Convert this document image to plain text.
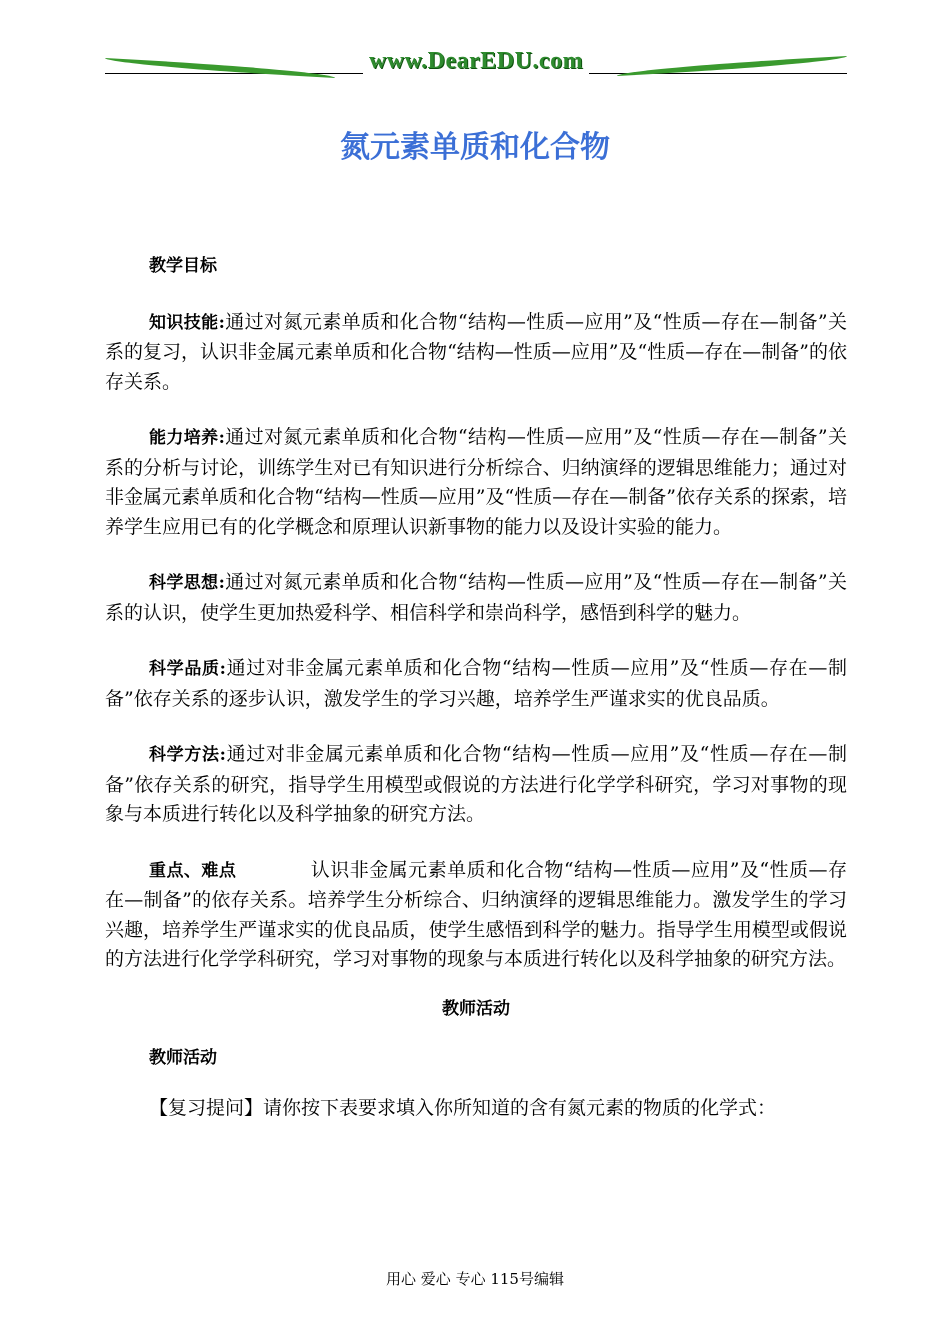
www.DearEDU.com
氮元素单质和化合物
教学目标
知识技能:通过对氮元素单质和化合物“结构—性质—应用”及“性质—存在—制备”关系的复习，认识非金属元素单质和化合物“结构—性质—应用”及“性质—存在—制备”的依存关系。
能力培养:通过对氮元素单质和化合物“结构—性质—应用”及“性质—存在—制备”关系的分析与讨论，训练学生对已有知识进行分析综合、归纳演绎的逻辑思维能力；通过对非金属元素单质和化合物“结构—性质—应用”及“性质—存在—制备”依存关系的探索，培养学生应用已有的化学概念和原理认识新事物的能力以及设计实验的能力。
科学思想:通过对氮元素单质和化合物“结构—性质—应用”及“性质—存在—制备”关系的认识，使学生更加热爱科学、相信科学和崇尚科学，感悟到科学的魅力。
科学品质:通过对非金属元素单质和化合物“结构—性质—应用”及“性质—存在—制备”依存关系的逐步认识，激发学生的学习兴趣，培养学生严谨求实的优良品质。
科学方法:通过对非金属元素单质和化合物“结构—性质—应用”及“性质—存在—制备”依存关系的研究，指导学生用模型或假说的方法进行化学学科研究，学习对事物的现象与本质进行转化以及科学抽象的研究方法。
重点、难点	认识非金属元素单质和化合物“结构—性质—应用”及“性质—存在—制备”的依存关系。培养学生分析综合、归纳演绎的逻辑思维能力。激发学生的学习兴趣，培养学生严谨求实的优良品质，使学生感悟到科学的魅力。指导学生用模型或假说的方法进行化学学科研究，学习对事物的现象与本质进行转化以及科学抽象的研究方法。
教师活动
教师活动
【复习提问】请你按下表要求填入你所知道的含有氮元素的物质的化学式：
用心 爱心 专心 115号编辑
